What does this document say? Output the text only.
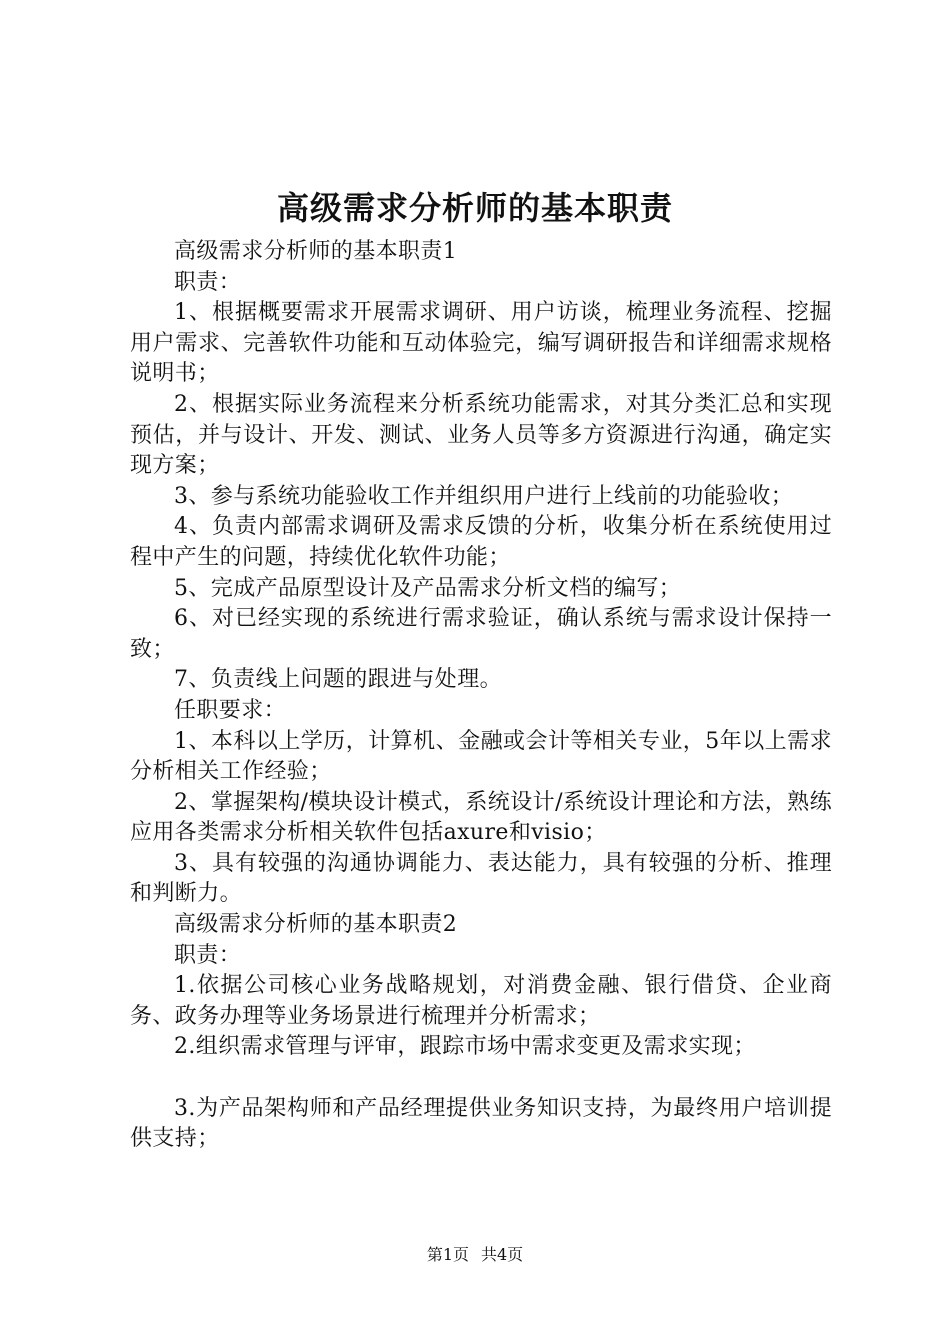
高级需求分析师的基本职责

高级需求分析师的基本职责1

职责：

1、根据概要需求开展需求调研、用户访谈，梳理业务流程、挖掘用户需求、完善软件功能和互动体验完，编写调研报告和详细需求规格说明书；

2、根据实际业务流程来分析系统功能需求，对其分类汇总和实现预估，并与设计、开发、测试、业务人员等多方资源进行沟通，确定实现方案；

3、参与系统功能验收工作并组织用户进行上线前的功能验收；

4、负责内部需求调研及需求反馈的分析，收集分析在系统使用过程中产生的问题，持续优化软件功能；

5、完成产品原型设计及产品需求分析文档的编写；

6、对已经实现的系统进行需求验证，确认系统与需求设计保持一致；

7、负责线上问题的跟进与处理。

任职要求：

1、本科以上学历，计算机、金融或会计等相关专业，5年以上需求分析相关工作经验；

2、掌握架构/模块设计模式，系统设计/系统设计理论和方法，熟练应用各类需求分析相关软件包括axure和visio；

3、具有较强的沟通协调能力、表达能力，具有较强的分析、推理和判断力。

高级需求分析师的基本职责2

职责：

1.依据公司核心业务战略规划，对消费金融、银行借贷、企业商务、政务办理等业务场景进行梳理并分析需求；

2.组织需求管理与评审，跟踪市场中需求变更及需求实现；

3.为产品架构师和产品经理提供业务知识支持，为最终用户培训提供支持；

第1页 共4页
